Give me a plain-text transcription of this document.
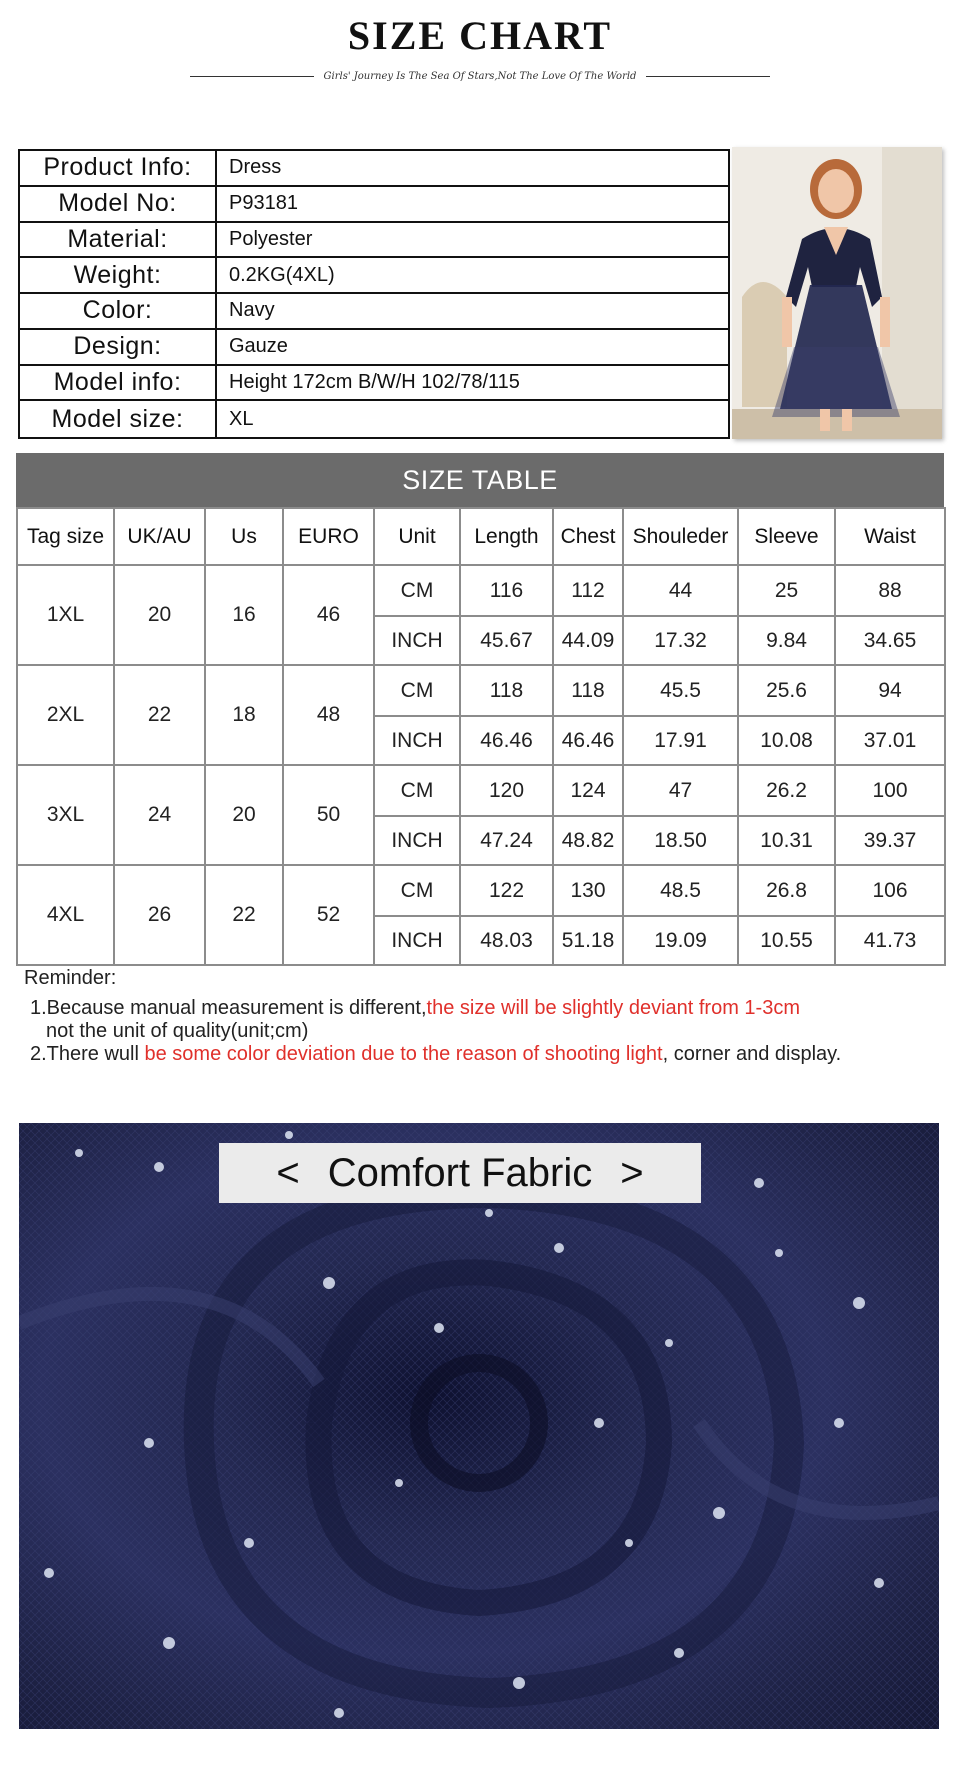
SIZE CHART
Girls' Journey Is The Sea Of Stars,Not The Love Of The World
Product Info:	Dress
Model No:	P93181
Material:	Polyester
Weight:	0.2KG(4XL)
Color:	Navy
Design:	Gauze
Model info:	Height 172cm B/W/H 102/78/115
Model size:	XL
SIZE TABLE
Tag size	UK/AU	Us	EURO	Unit	Length	Chest	Shouleder	Sleeve	Waist
1XL	20	16	46	CM	116	112	44	25	88
				INCH	45.67	44.09	17.32	9.84	34.65
2XL	22	18	48	CM	118	118	45.5	25.6	94
				INCH	46.46	46.46	17.91	10.08	37.01
3XL	24	20	50	CM	120	124	47	26.2	100
				INCH	47.24	48.82	18.50	10.31	39.37
4XL	26	22	52	CM	122	130	48.5	26.8	106
				INCH	48.03	51.18	19.09	10.55	41.73
Reminder:
1.Because manual measurement is different,the size will be slightly deviant from 1-3cm
not the unit of quality(unit;cm)
2.There wull be some color deviation due to the reason of shooting light, corner and display.
< Comfort Fabric >
